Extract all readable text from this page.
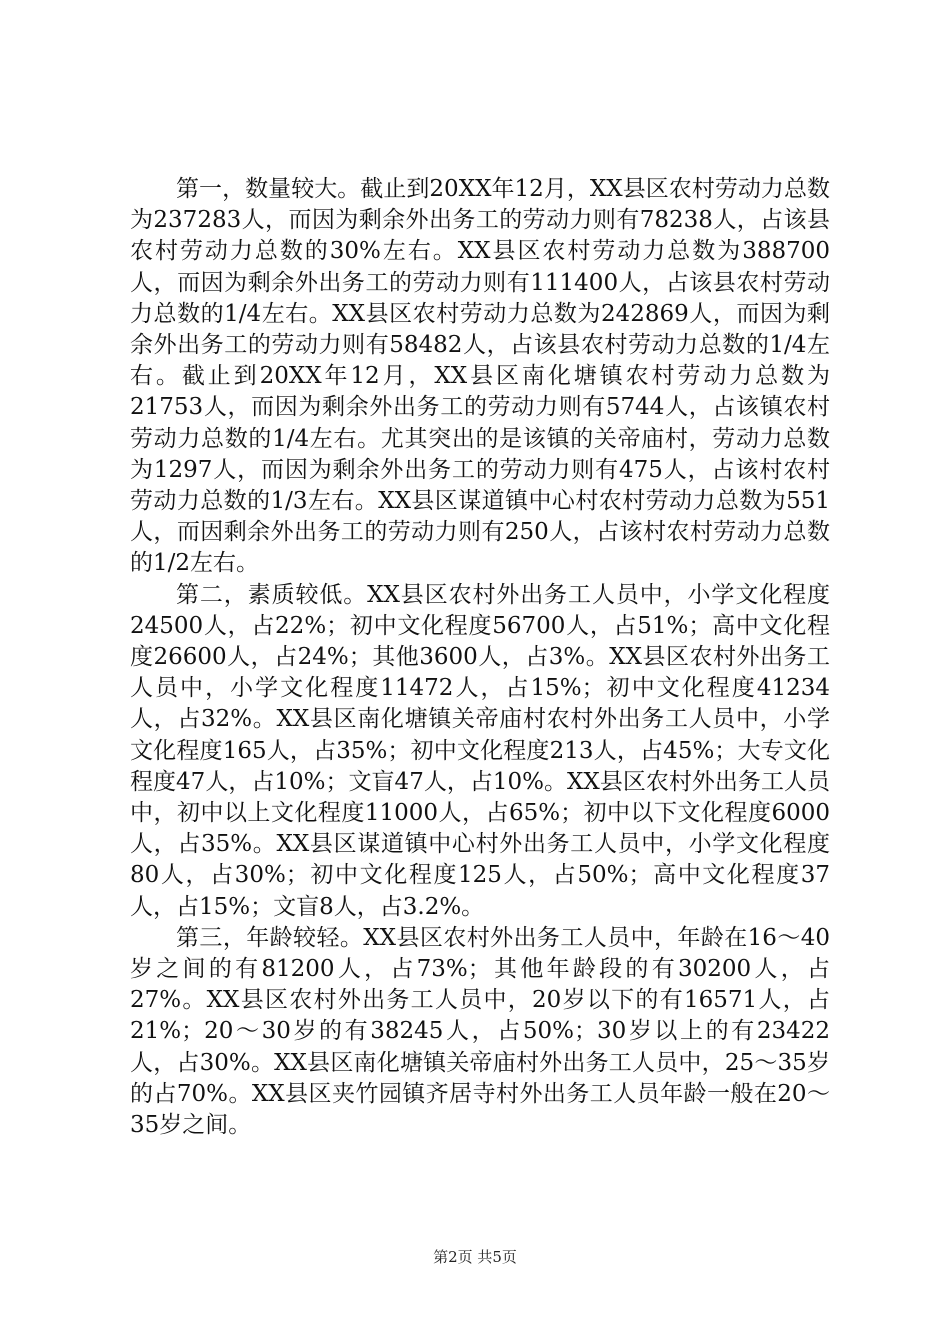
第一，数量较大。截止到20XX年12月，XX县区农村劳动力总数为237283人，而因为剩余外出务工的劳动力则有78238人，占该县农村劳动力总数的30%左右。XX县区农村劳动力总数为388700人，而因为剩余外出务工的劳动力则有111400人，占该县农村劳动力总数的1/4左右。XX县区农村劳动力总数为242869人，而因为剩余外出务工的劳动力则有58482人，占该县农村劳动力总数的1/4左右。截止到20XX年12月，XX县区南化塘镇农村劳动力总数为21753人，而因为剩余外出务工的劳动力则有5744人，占该镇农村劳动力总数的1/4左右。尤其突出的是该镇的关帝庙村，劳动力总数为1297人，而因为剩余外出务工的劳动力则有475人，占该村农村劳动力总数的1/3左右。XX县区谋道镇中心村农村劳动力总数为551人，而因剩余外出务工的劳动力则有250人，占该村农村劳动力总数的1/2左右。

第二，素质较低。XX县区农村外出务工人员中，小学文化程度24500人，占22%；初中文化程度56700人，占51%；高中文化程度26600人，占24%；其他3600人，占3%。XX县区农村外出务工人员中，小学文化程度11472人，占15%；初中文化程度41234人，占32%。XX县区南化塘镇关帝庙村农村外出务工人员中，小学文化程度165人，占35%；初中文化程度213人，占45%；大专文化程度47人，占10%；文盲47人，占10%。XX县区农村外出务工人员中，初中以上文化程度11000人，占65%；初中以下文化程度6000人，占35%。XX县区谋道镇中心村外出务工人员中，小学文化程度80人，占30%；初中文化程度125人，占50%；高中文化程度37人，占15%；文盲8人，占3.2%。

第三，年龄较轻。XX县区农村外出务工人员中，年龄在16～40岁之间的有81200人，占73%；其他年龄段的有30200人，占27%。XX县区农村外出务工人员中，20岁以下的有16571人，占21%；20～30岁的有38245人，占50%；30岁以上的有23422人，占30%。XX县区南化塘镇关帝庙村外出务工人员中，25～35岁的占70%。XX县区夹竹园镇齐居寺村外出务工人员年龄一般在20～35岁之间。

第2页 共5页
